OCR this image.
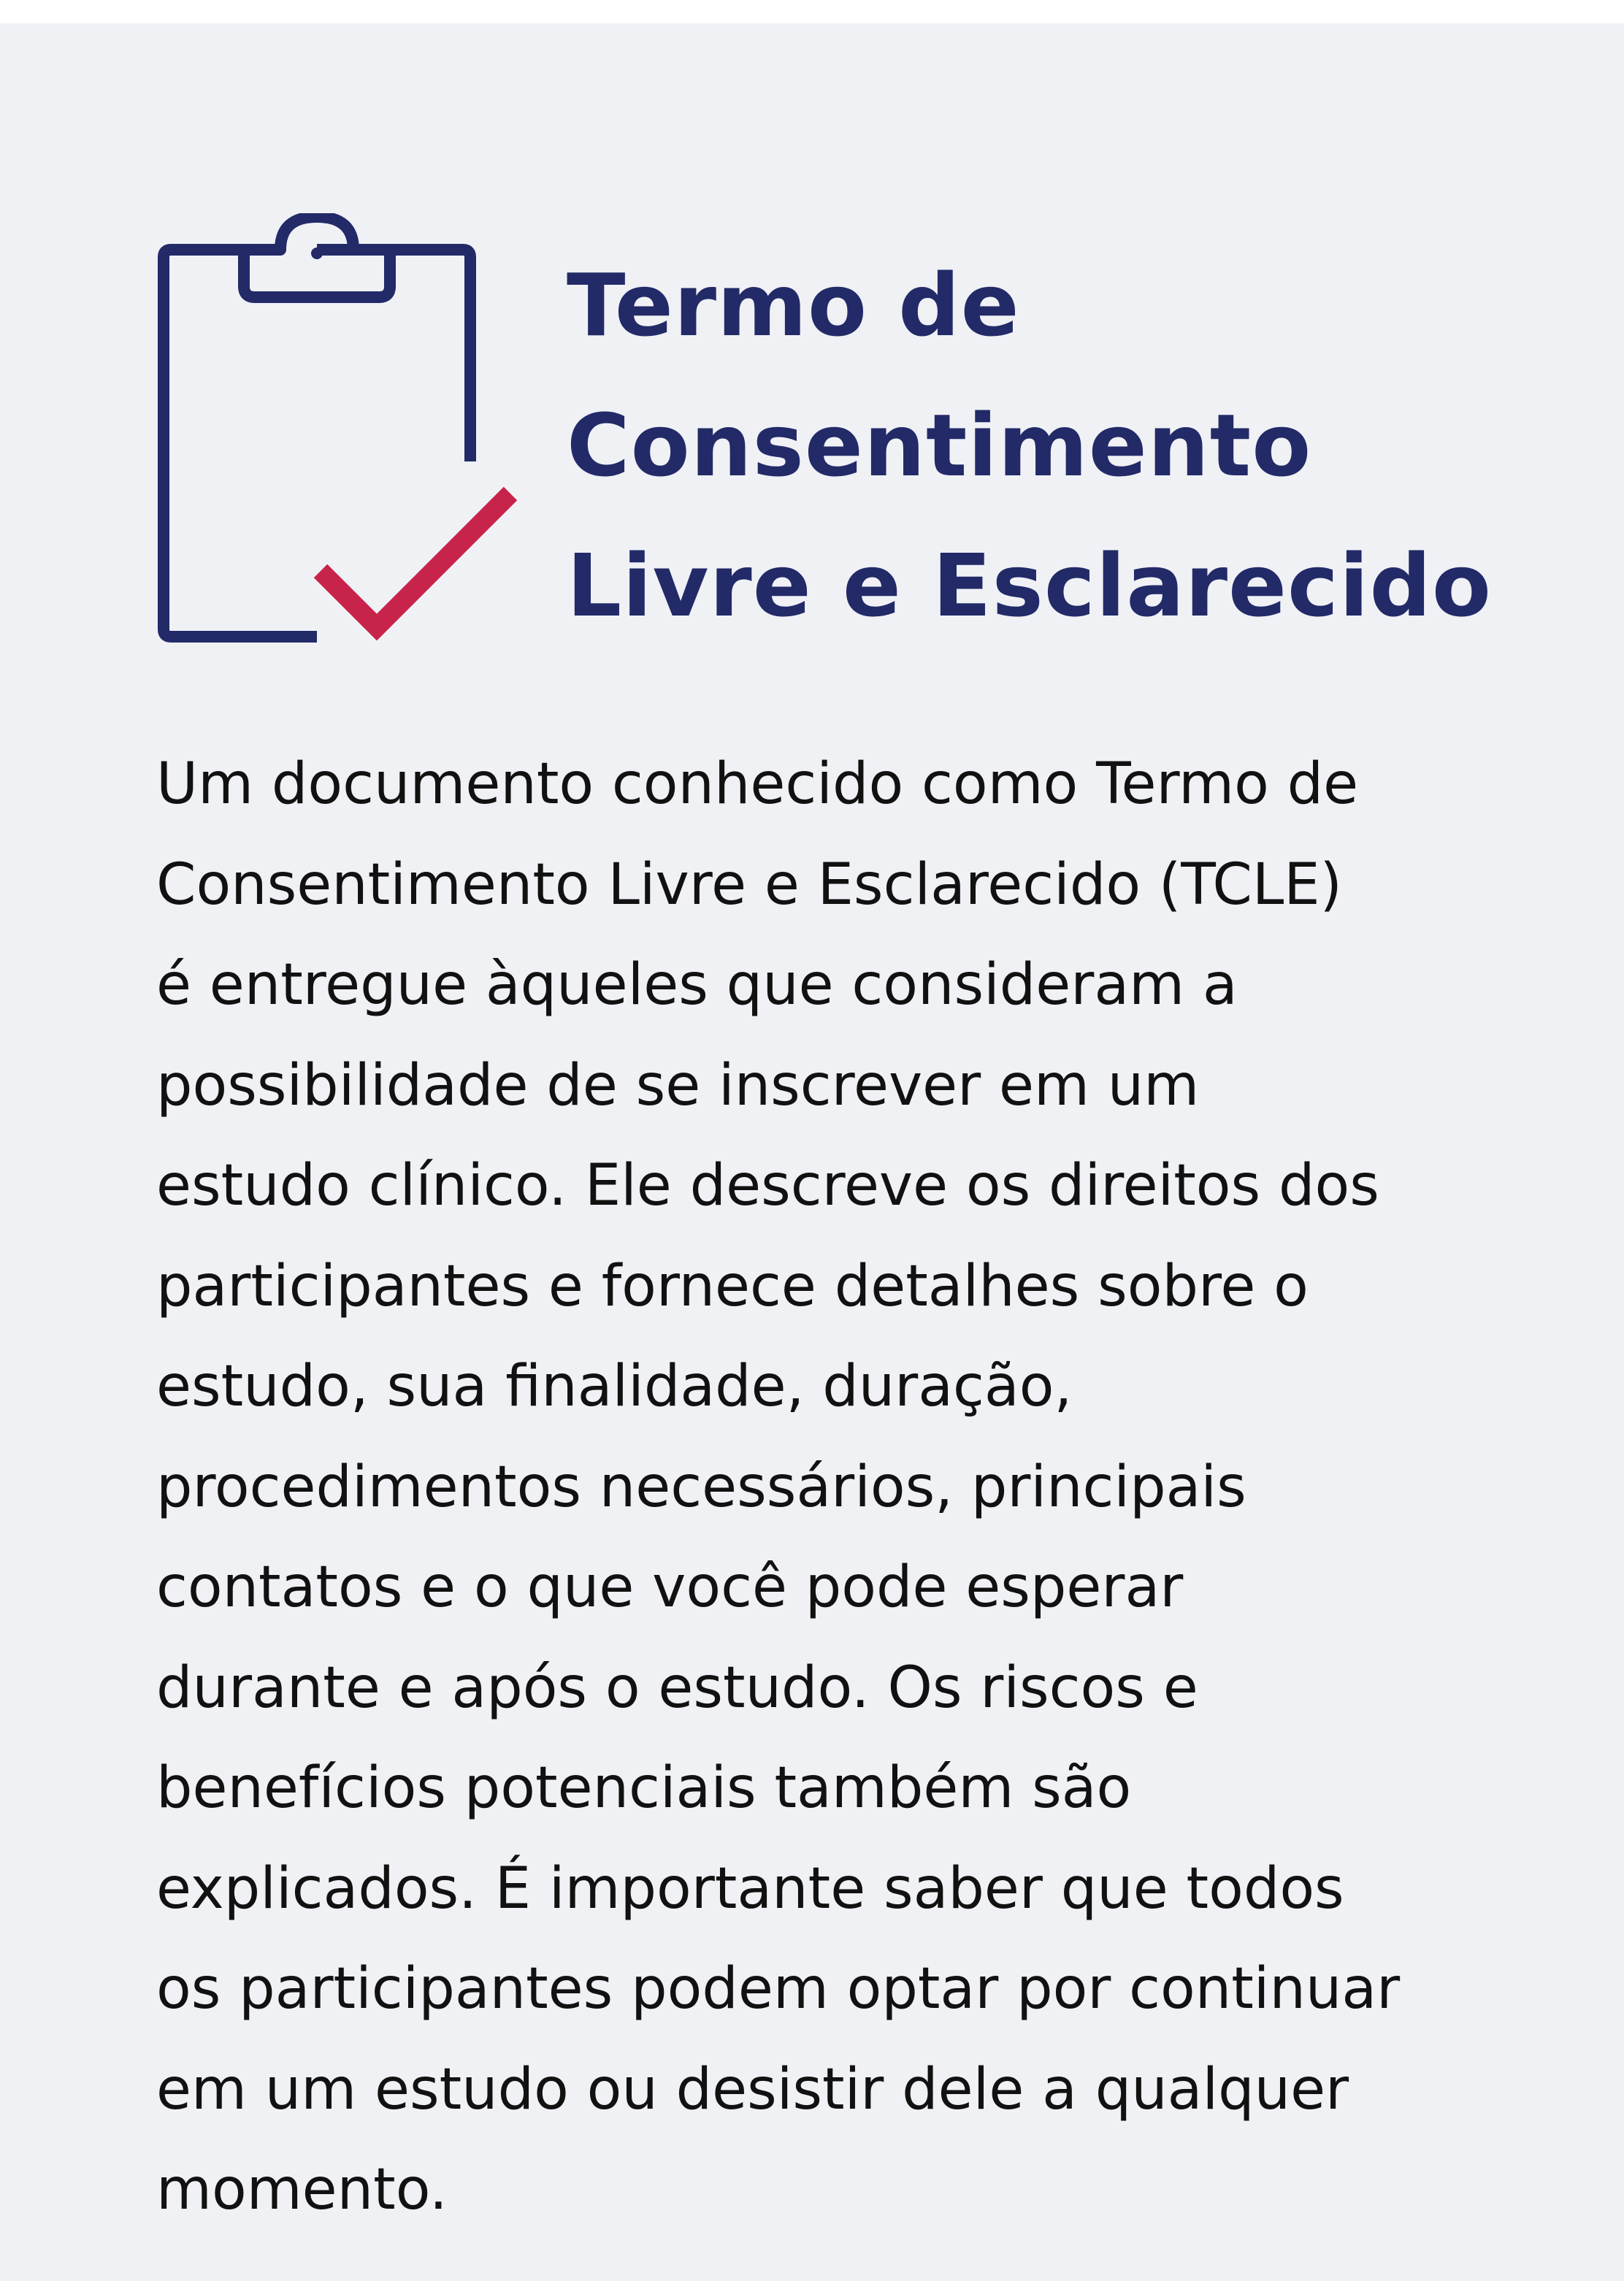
Termo de
Consentimento
Livre e Esclarecido

Um documento conhecido como Termo de
Consentimento Livre e Esclarecido (TCLE)
é entregue àqueles que consideram a
possibilidade de se inscrever em um
estudo clínico. Ele descreve os direitos dos
participantes e fornece detalhes sobre o
estudo, sua finalidade, duração,
procedimentos necessários, principais
contatos e o que você pode esperar
durante e após o estudo. Os riscos e
benefícios potenciais também são
explicados. É importante saber que todos
os participantes podem optar por continuar
em um estudo ou desistir dele a qualquer
momento.
